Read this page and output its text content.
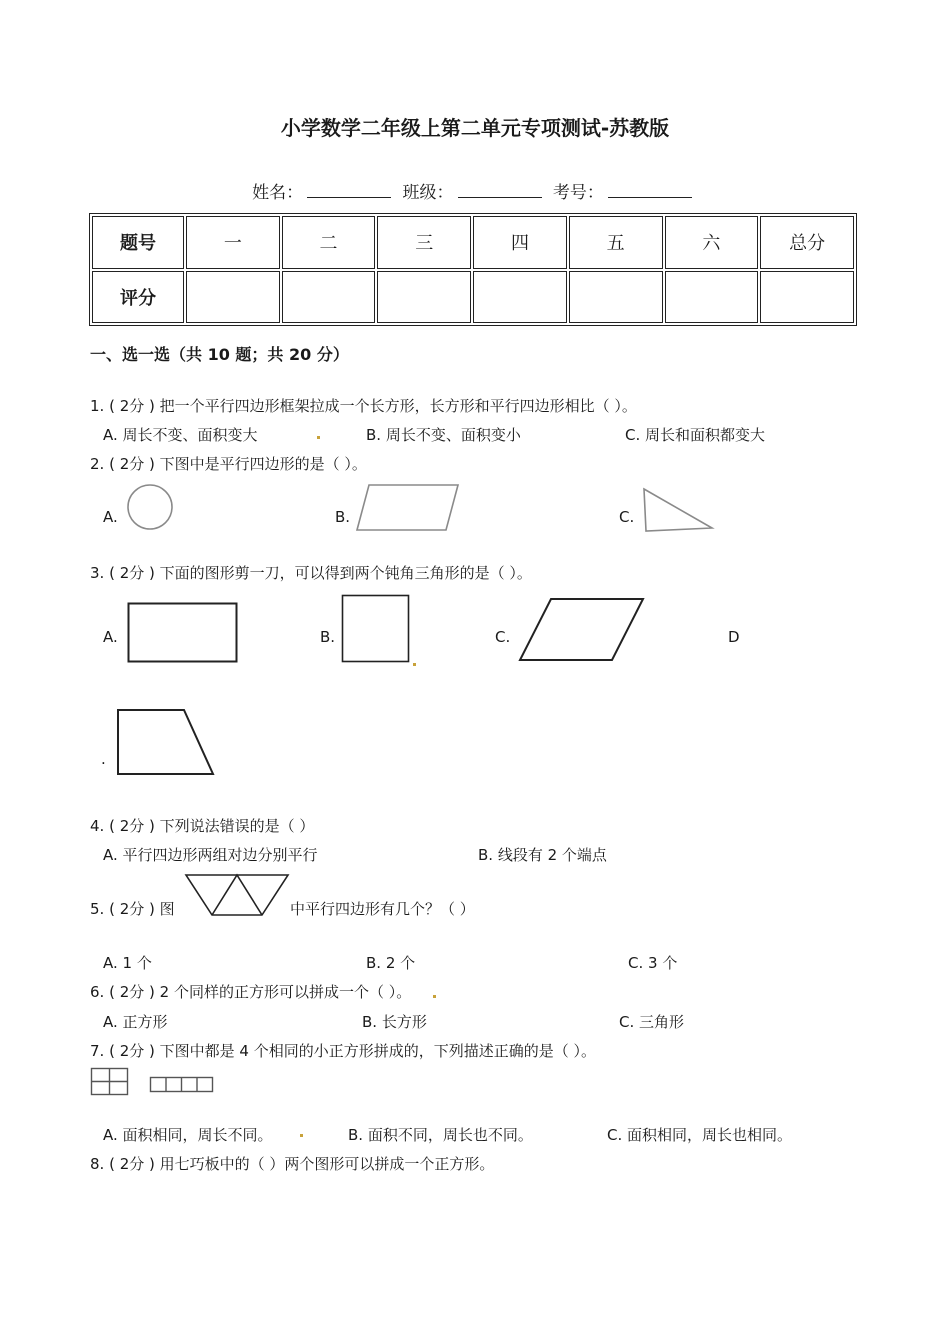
小学数学二年级上第二单元专项测试-苏教版
姓名：	班级：	考号：
题号	一	二	三	四	五	六	总分
评分							
一、选一选（共 10 题；共 20 分）
1. ( 2分 ) 把一个平行四边形框架拉成一个长方形，长方形和平行四边形相比（ ）。
A. 周长不变、面积变大	B. 周长不变、面积变小	C. 周长和面积都变大
2. ( 2分 ) 下图中是平行四边形的是（ ）。
A.	B.	C.
3. ( 2分 ) 下面的图形剪一刀，可以得到两个钝角三角形的是（ ）。
A.	B.	C.	D
.
4. ( 2分 ) 下列说法错误的是（ ）
A. 平行四边形两组对边分别平行	B. 线段有 2 个端点
5. ( 2分 ) 图	中平行四边形有几个？（ ）
A. 1 个	B. 2 个	C. 3 个
6. ( 2分 ) 2 个同样的正方形可以拼成一个（ ）。
A. 正方形	B. 长方形	C. 三角形
7. ( 2分 ) 下图中都是 4 个相同的小正方形拼成的，下列描述正确的是（ ）。
A. 面积相同，周长不同。	B. 面积不同，周长也不同。	C. 面积相同，周长也相同。
8. ( 2分 ) 用七巧板中的（ ）两个图形可以拼成一个正方形。
